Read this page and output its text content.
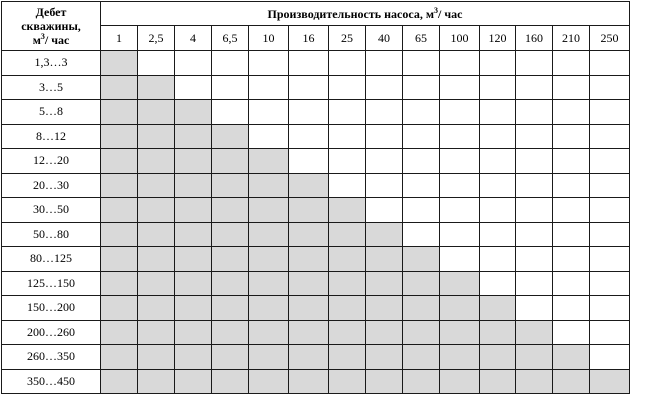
Дебет
скважины,
$м^3/$ час	Производительность насоса, $м^3/$ час													
	1	2,5	4	6,5	10	16	25	40	65	100	120	160	210	250
1,3…3														
3…5														
5…8														
8…12														
12…20														
20…30														
30…50														
50…80														
80…125														
125…150														
150…200														
200…260														
260…350														
350…450														
